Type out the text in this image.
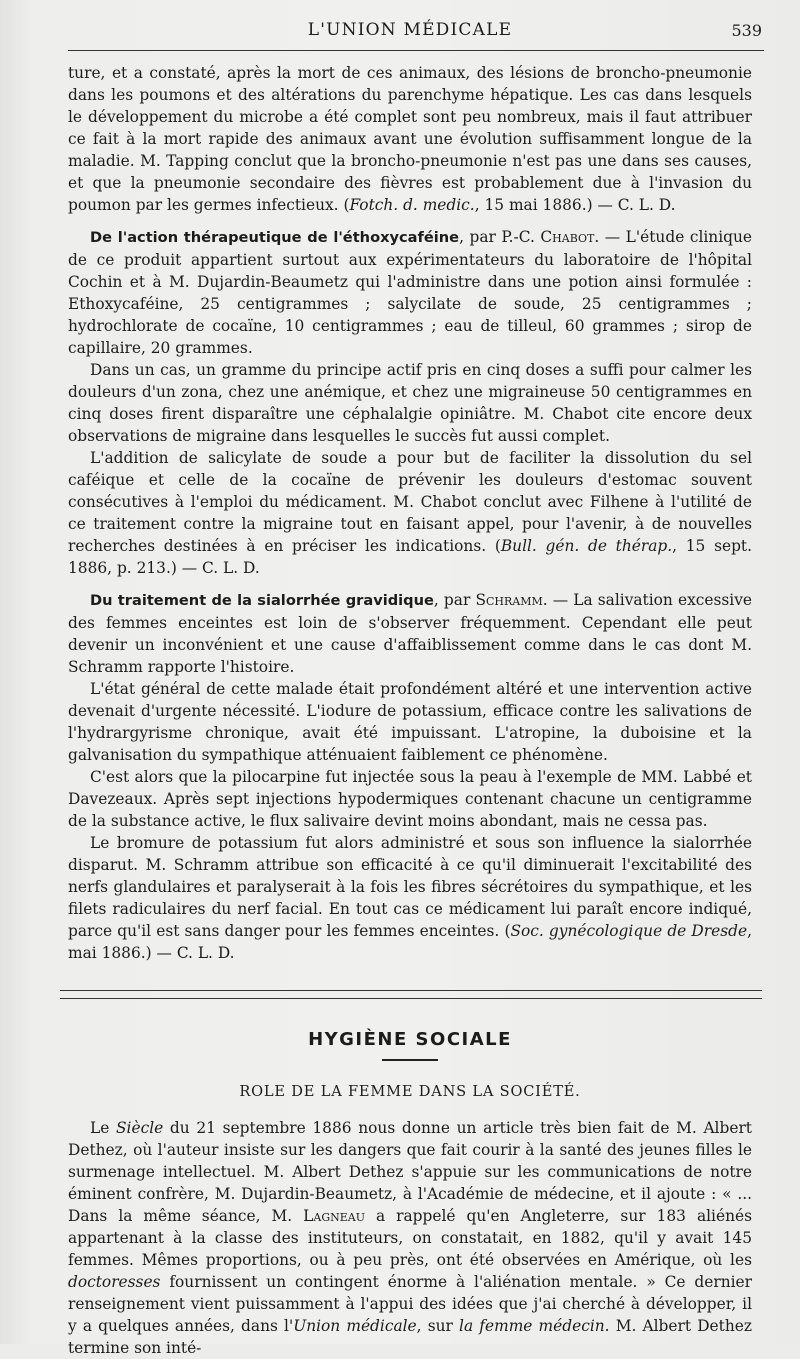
L'UNION MÉDICALE	539

ture, et a constaté, après la mort de ces animaux, des lésions de broncho-pneumonie dans les poumons et des altérations du parenchyme hépatique. Les cas dans lesquels le développement du microbe a été complet sont peu nombreux, mais il faut attribuer ce fait à la mort rapide des animaux avant une évolution suffisamment longue de la maladie. M. Tapping conclut que la broncho-pneumonie n'est pas une dans ses causes, et que la pneumonie secondaire des fièvres est probablement due à l'invasion du poumon par les germes infectieux. (Fotch. d. medic., 15 mai 1886.) — C. L. D.

De l'action thérapeutique de l'éthoxycaféine, par P.-C. Chabot. — L'étude clinique de ce produit appartient surtout aux expérimentateurs du laboratoire de l'hôpital Cochin et à M. Dujardin-Beaumetz qui l'administre dans une potion ainsi formulée : Ethoxycaféine, 25 centigrammes ; salycilate de soude, 25 centigrammes ; hydrochlorate de cocaïne, 10 centigrammes ; eau de tilleul, 60 grammes ; sirop de capillaire, 20 grammes.

Dans un cas, un gramme du principe actif pris en cinq doses a suffi pour calmer les douleurs d'un zona, chez une anémique, et chez une migraineuse 50 centigrammes en cinq doses firent disparaître une céphalalgie opiniâtre. M. Chabot cite encore deux observations de migraine dans lesquelles le succès fut aussi complet.

L'addition de salicylate de soude a pour but de faciliter la dissolution du sel caféique et celle de la cocaïne de prévenir les douleurs d'estomac souvent consécutives à l'emploi du médicament. M. Chabot conclut avec Filhene à l'utilité de ce traitement contre la migraine tout en faisant appel, pour l'avenir, à de nouvelles recherches destinées à en préciser les indications. (Bull. gén. de thérap., 15 sept. 1886, p. 213.) — C. L. D.

Du traitement de la sialorrhée gravidique, par Schramm. — La salivation excessive des femmes enceintes est loin de s'observer fréquemment. Cependant elle peut devenir un inconvénient et une cause d'affaiblissement comme dans le cas dont M. Schramm rapporte l'histoire.

L'état général de cette malade était profondément altéré et une intervention active devenait d'urgente nécessité. L'iodure de potassium, efficace contre les salivations de l'hydrargyrisme chronique, avait été impuissant. L'atropine, la duboisine et la galvanisation du sympathique atténuaient faiblement ce phénomène.

C'est alors que la pilocarpine fut injectée sous la peau à l'exemple de MM. Labbé et Davezeaux. Après sept injections hypodermiques contenant chacune un centigramme de la substance active, le flux salivaire devint moins abondant, mais ne cessa pas.

Le bromure de potassium fut alors administré et sous son influence la sialorrhée disparut. M. Schramm attribue son efficacité à ce qu'il diminuerait l'excitabilité des nerfs glandulaires et paralyserait à la fois les fibres sécrétoires du sympathique, et les filets radiculaires du nerf facial. En tout cas ce médicament lui paraît encore indiqué, parce qu'il est sans danger pour les femmes enceintes. (Soc. gynécologique de Dresde, mai 1886.) — C. L. D.

HYGIÈNE SOCIALE
ROLE DE LA FEMME DANS LA SOCIÉTÉ.

Le Siècle du 21 septembre 1886 nous donne un article très bien fait de M. Albert Dethez, où l'auteur insiste sur les dangers que fait courir à la santé des jeunes filles le surmenage intellectuel. M. Albert Dethez s'appuie sur les communications de notre éminent confrère, M. Dujardin-Beaumetz, à l'Académie de médecine, et il ajoute : « ... Dans la même séance, M. Lagneau a rappelé qu'en Angleterre, sur 183 aliénés appartenant à la classe des instituteurs, on constatait, en 1882, qu'il y avait 145 femmes. Mêmes proportions, ou à peu près, ont été observées en Amérique, où les doctoresses fournissent un contingent énorme à l'aliénation mentale. » Ce dernier renseignement vient puissamment à l'appui des idées que j'ai cherché à développer, il y a quelques années, dans l'Union médicale, sur la femme médecin. M. Albert Dethez termine son inté-
